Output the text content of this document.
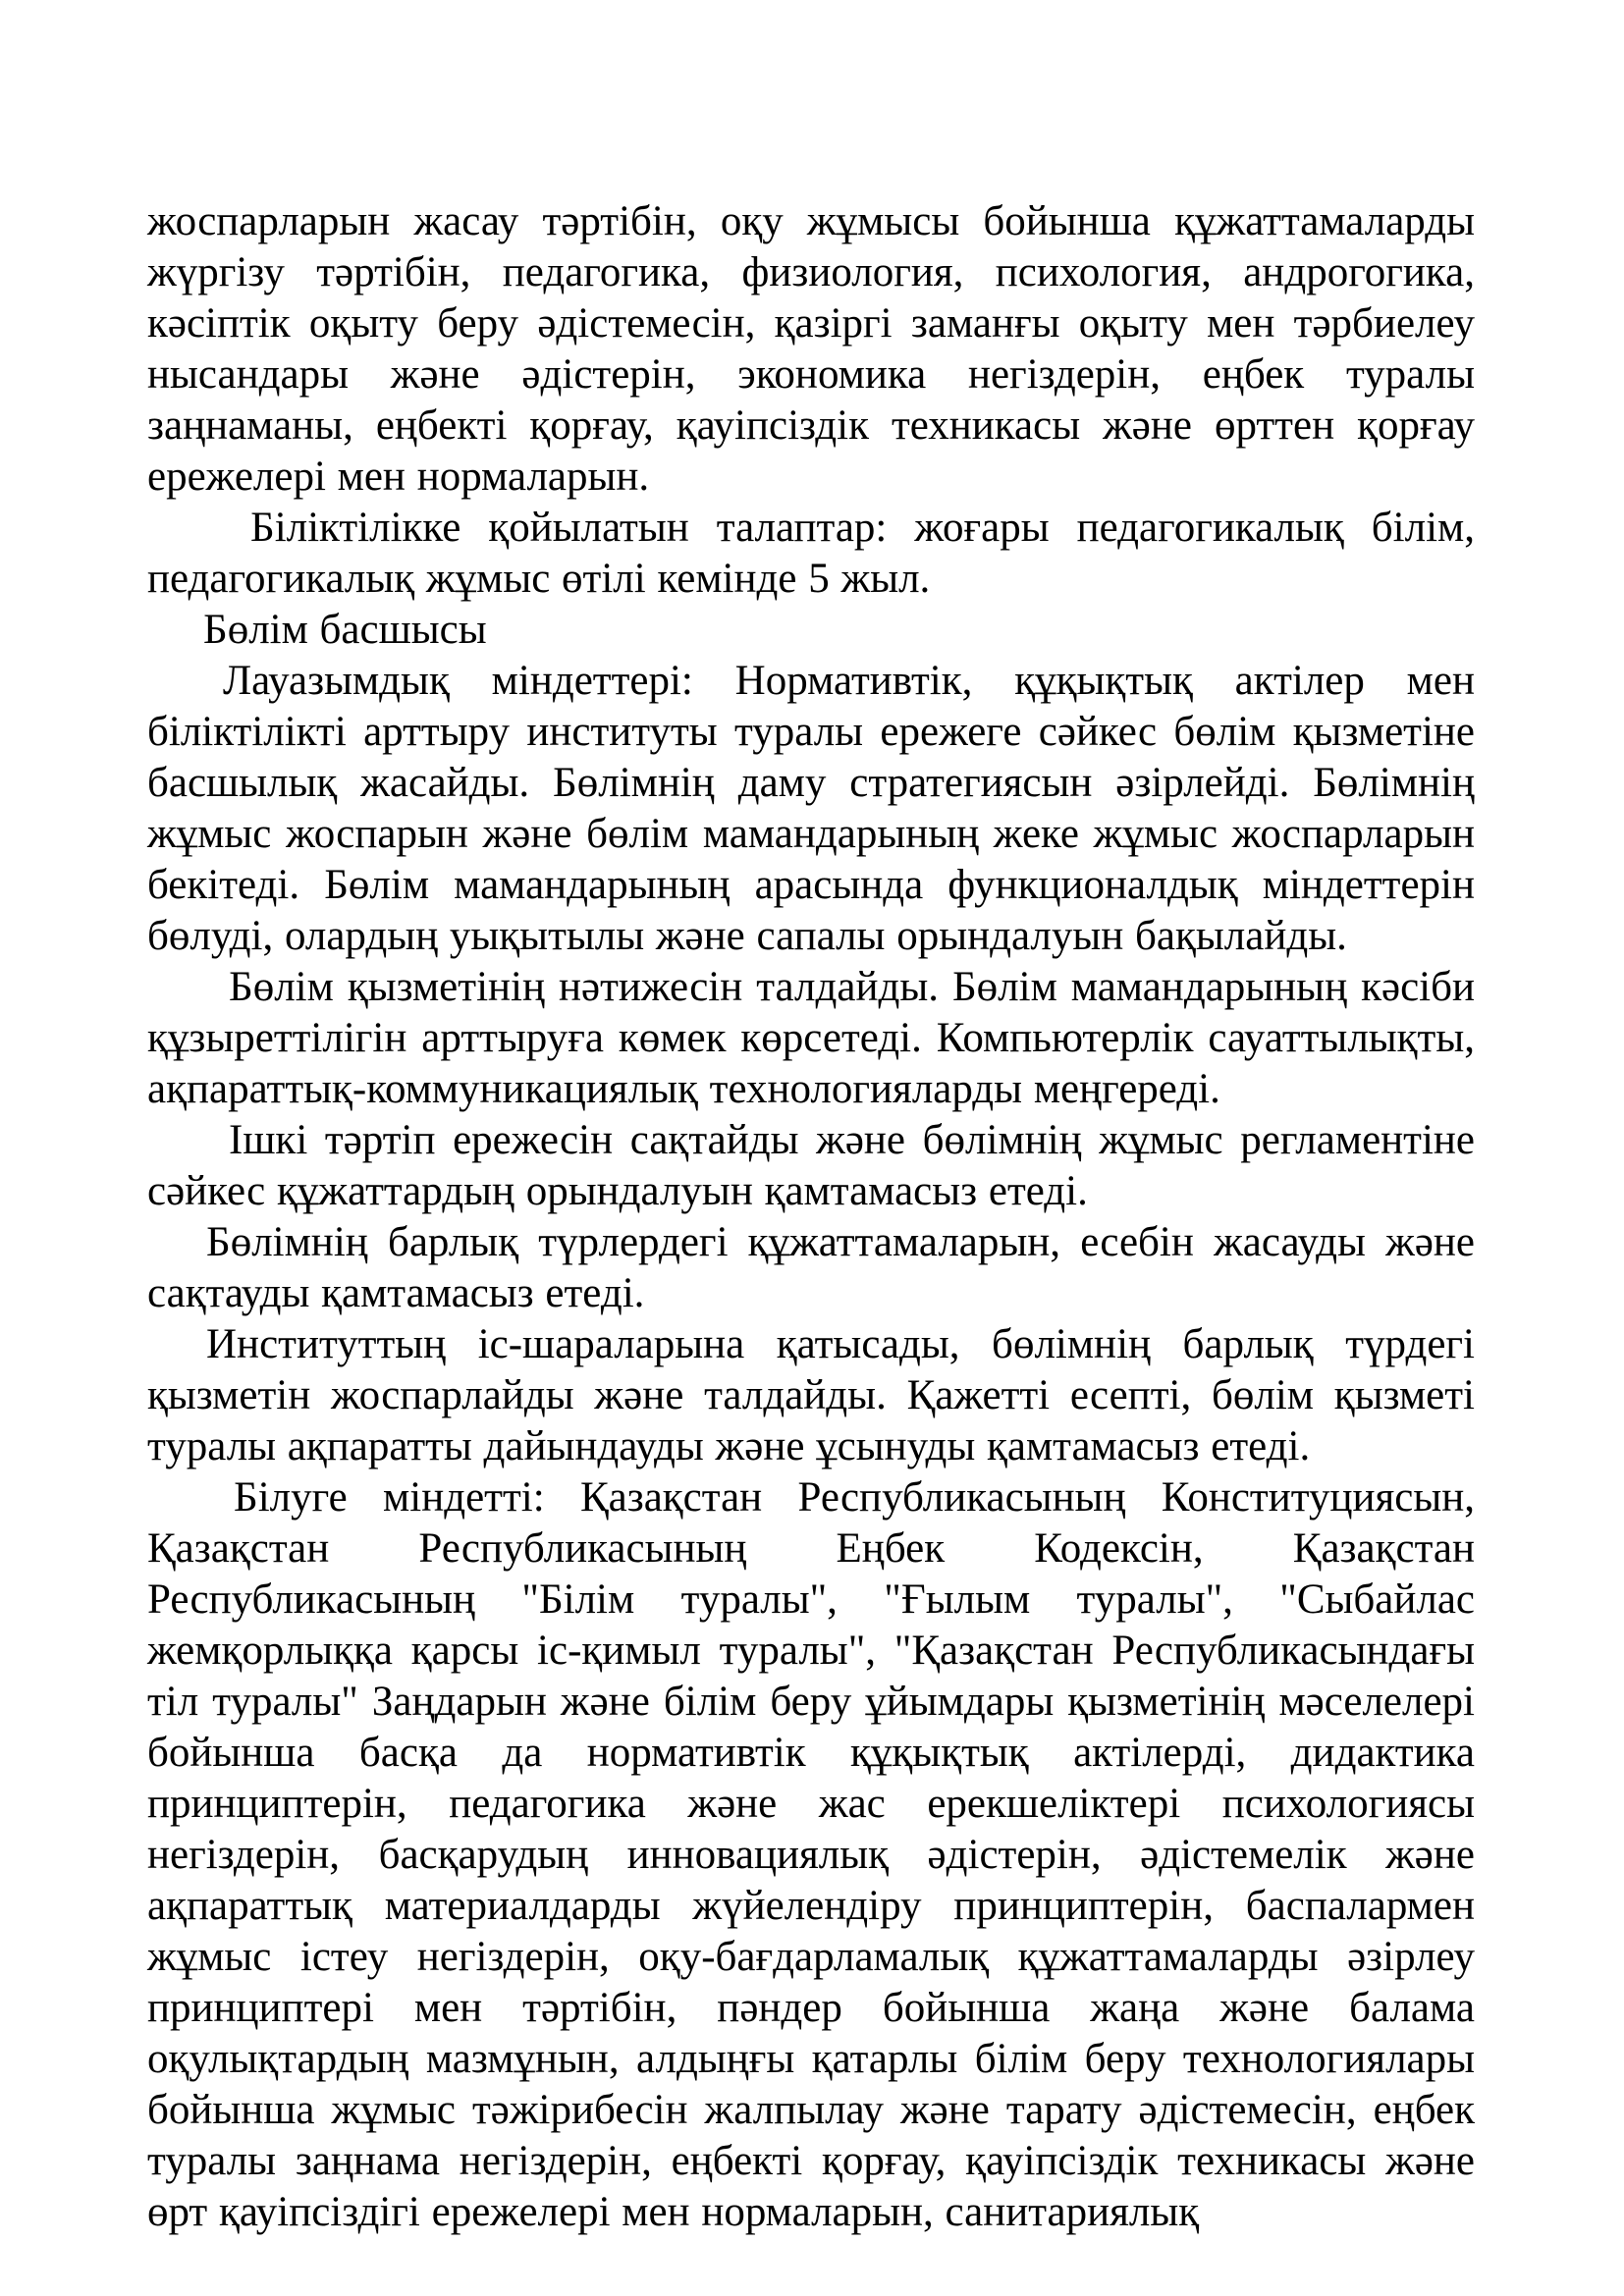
жоспарларын жасау тәртібін, оқу жұмысы бойынша құжаттамаларды жүргізу тәртібін, педагогика, физиология, психология, андрогогика, кәсіптік оқыту беру әдістемесін, қазіргі заманғы оқыту мен тәрбиелеу нысандары және әдістерін, экономика негіздерін, еңбек туралы заңнаманы, еңбекті қорғау, қауіпсіздік техникасы және өрттен қорғау ережелері мен нормаларын.

Біліктілікке қойылатын талаптар: жоғары педагогикалық білім, педагогикалық жұмыс өтілі кемінде 5 жыл.

Бөлім басшысы

Лауазымдық міндеттері: Нормативтік, құқықтық актілер мен біліктілікті арттыру институты туралы ережеге сәйкес бөлім қызметіне басшылық жасайды. Бөлімнің даму стратегиясын әзірлейді. Бөлімнің жұмыс жоспарын және бөлім мамандарының жеке жұмыс жоспарларын бекітеді. Бөлім мамандарының арасында функционалдық міндеттерін бөлуді, олардың уықытылы және сапалы орындалуын бақылайды.

Бөлім қызметінің нәтижесін талдайды. Бөлім мамандарының кәсіби құзыреттілігін арттыруға көмек көрсетеді. Компьютерлік сауаттылықты, ақпараттық-коммуникациялық технологияларды меңгереді.

Ішкі тәртіп ережесін сақтайды және бөлімнің жұмыс регламентіне сәйкес құжаттардың орындалуын қамтамасыз етеді.

Бөлімнің барлық түрлердегі құжаттамаларын, есебін жасауды және сақтауды қамтамасыз етеді.

Институттың іс-шараларына қатысады, бөлімнің барлық түрдегі қызметін жоспарлайды және талдайды. Қажетті есепті, бөлім қызметі туралы ақпаратты дайындауды және ұсынуды қамтамасыз етеді.

Білуге міндетті: Қазақстан Республикасының Конституциясын, Қазақстан Республикасының Еңбек Кодексін, Қазақстан Республикасының "Білім туралы", "Ғылым туралы", "Сыбайлас жемқорлыққа қарсы іс-қимыл туралы", "Қазақстан Республикасындағы тіл туралы" Заңдарын және білім беру ұйымдары қызметінің мәселелері бойынша басқа да нормативтік құқықтық актілерді, дидактика принциптерін, педагогика және жас ерекшеліктері психологиясы негіздерін, басқарудың инновациялық әдістерін, әдістемелік және ақпараттық материалдарды жүйелендіру принциптерін, баспалармен жұмыс істеу негіздерін, оқу-бағдарламалық құжаттамаларды әзірлеу принциптері мен тәртібін, пәндер бойынша жаңа және балама оқулықтардың мазмұнын, алдыңғы қатарлы білім беру технологиялары бойынша жұмыс тәжірибесін жалпылау және тарату әдістемесін, еңбек туралы заңнама негіздерін, еңбекті қорғау, қауіпсіздік техникасы және өрт қауіпсіздігі ережелері мен нормаларын, санитариялық
